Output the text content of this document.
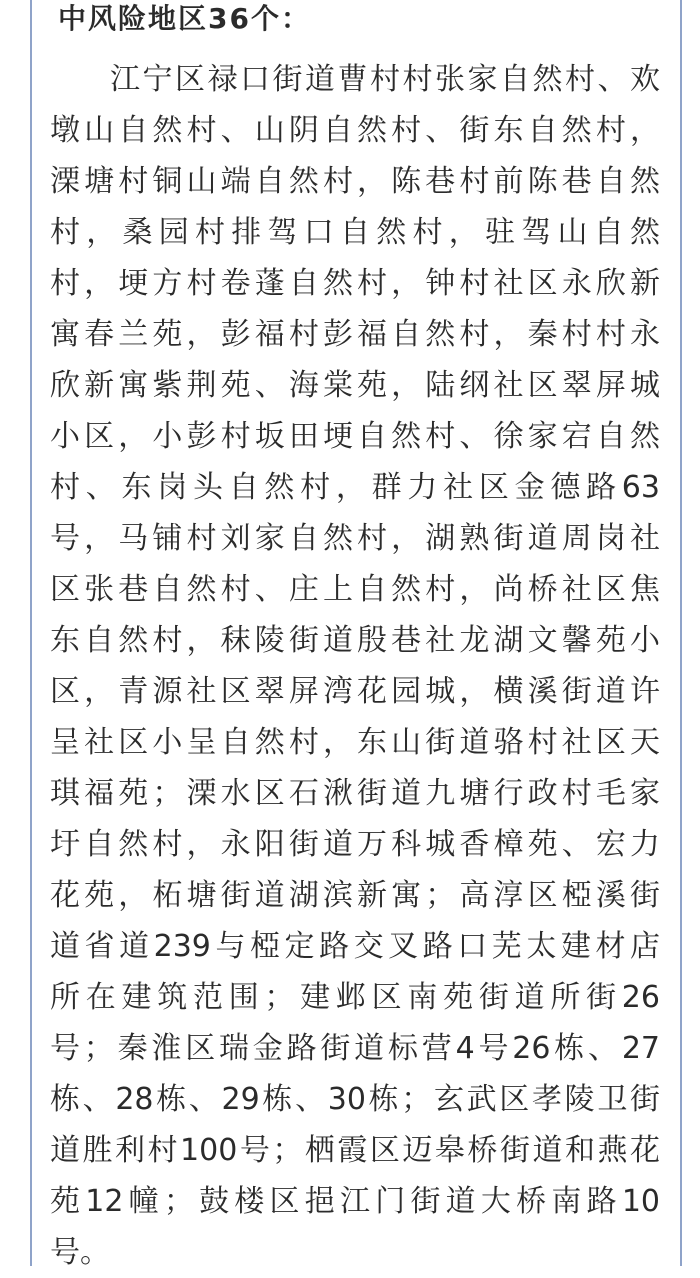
中风险地区36个：
江宁区禄口街道曹村村张家自然村、欢
墩山自然村、山阴自然村、街东自然村，
溧塘村铜山端自然村，陈巷村前陈巷自然
村，桑园村排驾口自然村，驻驾山自然
村，埂方村卷蓬自然村，钟村社区永欣新
寓春兰苑，彭福村彭福自然村，秦村村永
欣新寓紫荆苑、海棠苑，陆纲社区翠屏城
小区，小彭村坂田埂自然村、徐家宕自然
村、东岗头自然村，群力社区金德路63
号，马铺村刘家自然村，湖熟街道周岗社
区张巷自然村、庄上自然村，尚桥社区焦
东自然村，秣陵街道殷巷社龙湖文馨苑小
区，青源社区翠屏湾花园城，横溪街道许
呈社区小呈自然村，东山街道骆村社区天
琪福苑；溧水区石湫街道九塘行政村毛家
圩自然村，永阳街道万科城香樟苑、宏力
花苑，柘塘街道湖滨新寓；高淳区椏溪街
道省道239与椏定路交叉路口芜太建材店
所在建筑范围；建邺区南苑街道所街26
号；秦淮区瑞金路街道标营4号26栋、27
栋、28栋、29栋、30栋；玄武区孝陵卫街
道胜利村100号；栖霞区迈皋桥街道和燕花
苑12幢；鼓楼区挹江门街道大桥南路10
号。
